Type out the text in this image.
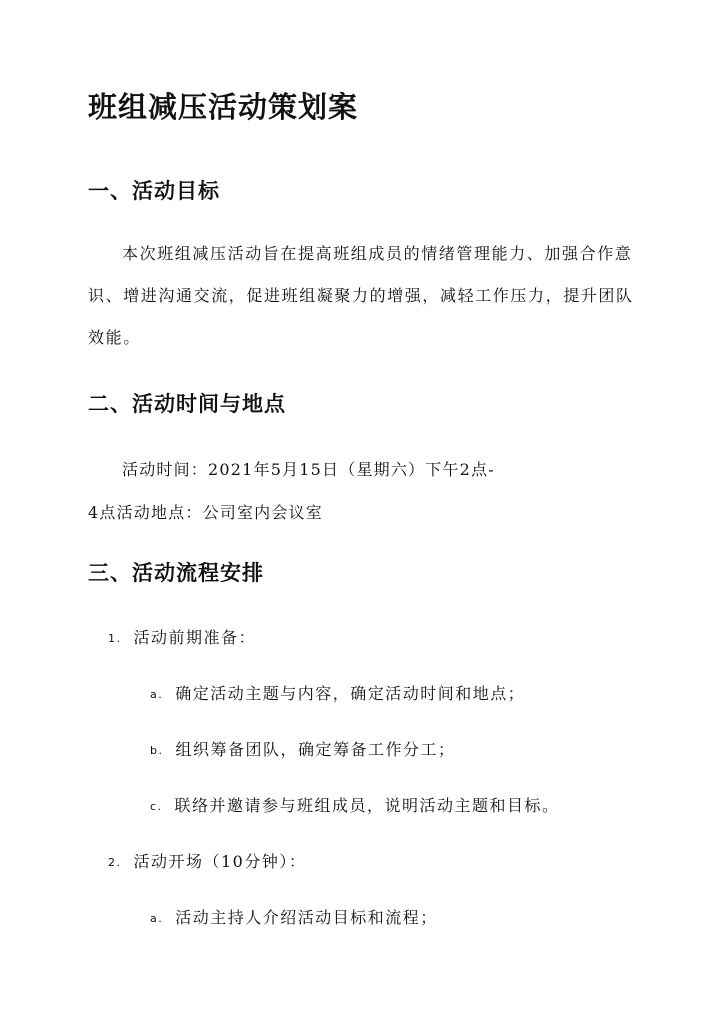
班组减压活动策划案
一、活动目标

本次班组减压活动旨在提高班组成员的情绪管理能力、加强合作意识、增进沟通交流，促进班组凝聚力的增强，减轻工作压力，提升团队效能。

二、活动时间与地点

活动时间：2021年5月15日（星期六）下午2点-

4点活动地点：公司室内会议室

三、活动流程安排

1. 活动前期准备：

a. 确定活动主题与内容，确定活动时间和地点；

b. 组织筹备团队，确定筹备工作分工；

c. 联络并邀请参与班组成员，说明活动主题和目标。

2. 活动开场（10分钟）：

a. 活动主持人介绍活动目标和流程；
